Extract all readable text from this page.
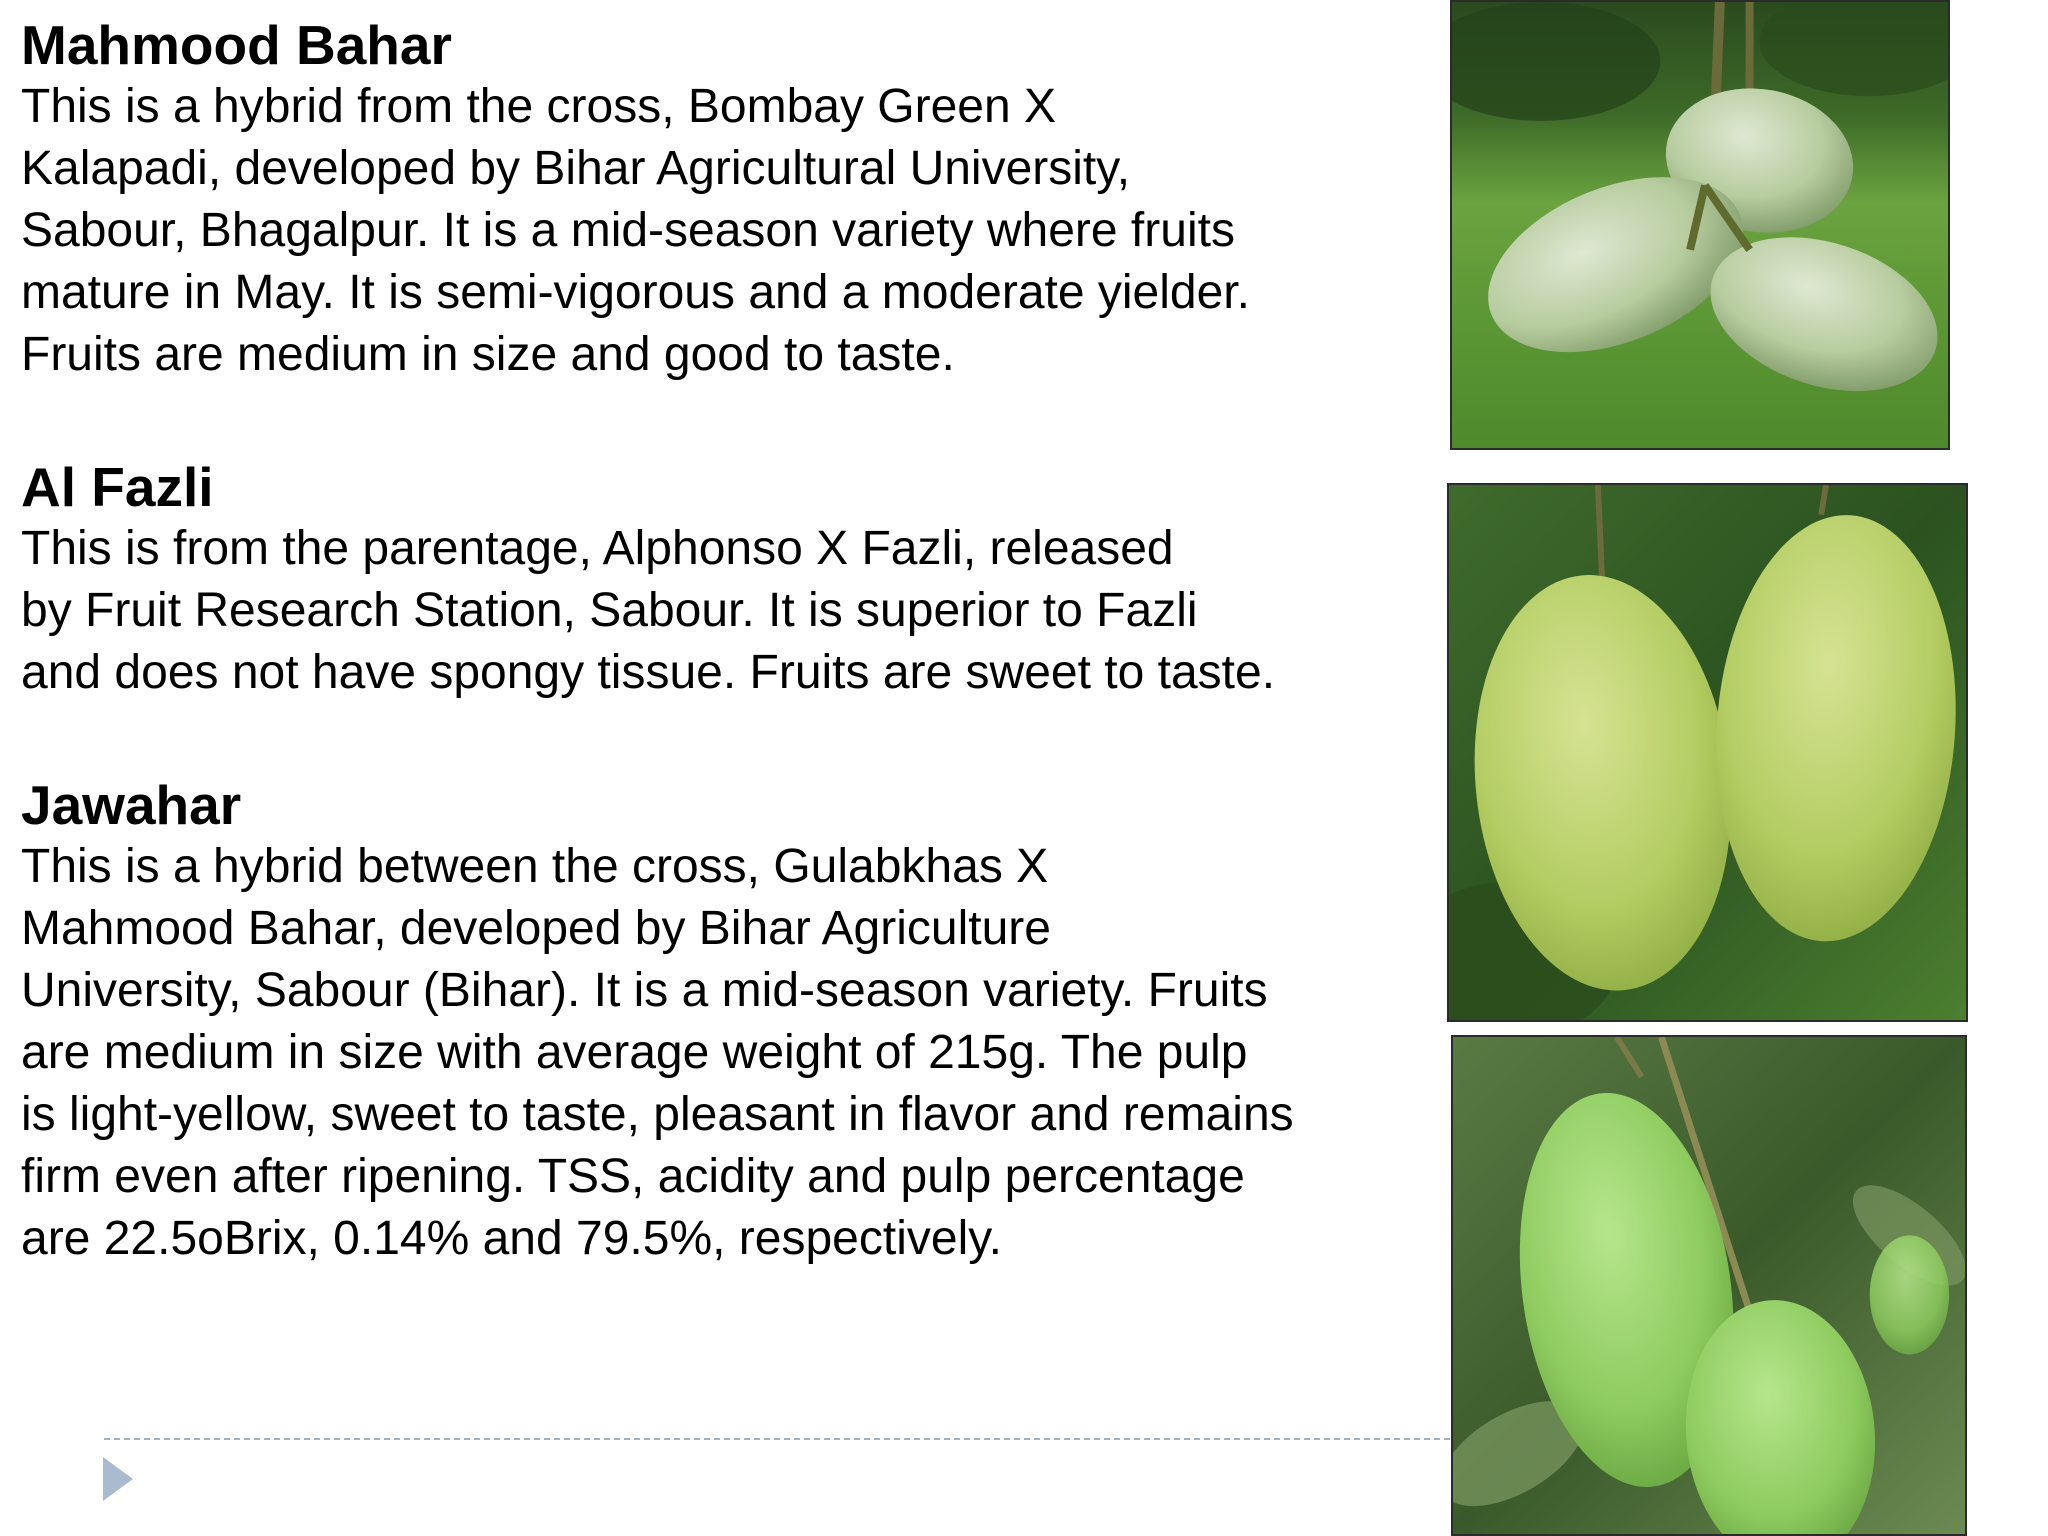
Mahmood Bahar

This is a hybrid from the cross, Bombay Green X
Kalapadi, developed by Bihar Agricultural University,
Sabour, Bhagalpur. It is a mid-season variety where fruits
mature in May. It is semi-vigorous and a moderate yielder.
Fruits are medium in size and good to taste.

Al Fazli

This is from the parentage, Alphonso X Fazli, released
by Fruit Research Station, Sabour. It is superior to Fazli
and does not have spongy tissue. Fruits are sweet to taste.

Jawahar

This is a hybrid between the cross, Gulabkhas X
Mahmood Bahar, developed by Bihar Agriculture
University, Sabour (Bihar). It is a mid-season variety. Fruits
are medium in size with average weight of 215g. The pulp
is light-yellow, sweet to taste, pleasant in flavor and remains
firm even after ripening. TSS, acidity and pulp percentage
are 22.5oBrix, 0.14% and 79.5%, respectively.
